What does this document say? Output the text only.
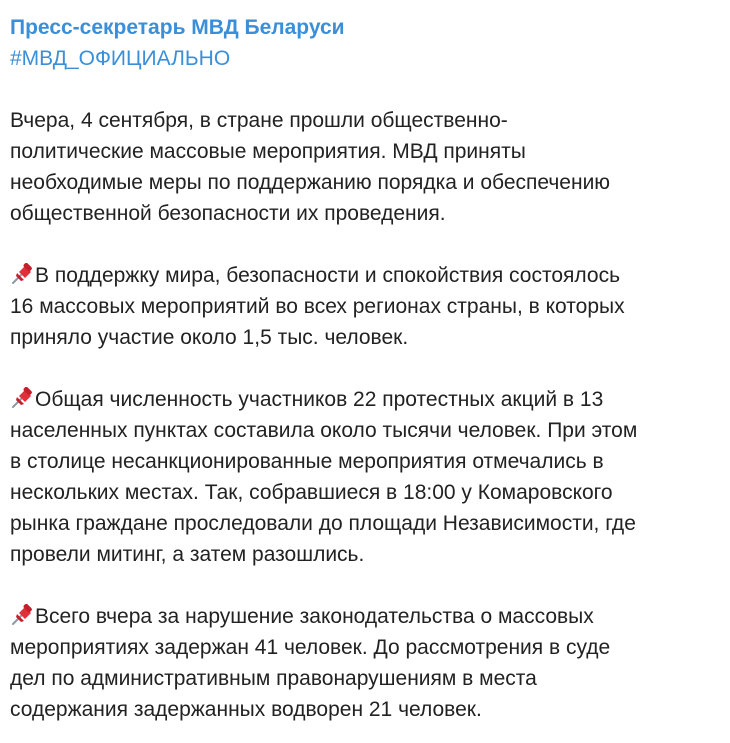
Пресс-секретарь МВД Беларуси
#МВД_ОФИЦИАЛЬНО
Вчера, 4 сентября, в стране прошли общественно-
политические массовые мероприятия. МВД приняты
необходимые меры по поддержанию порядка и обеспечению
общественной безопасности их проведения.
В поддержку мира, безопасности и спокойствия состоялось
16 массовых мероприятий во всех регионах страны, в которых
приняло участие около 1,5 тыс. человек.
Общая численность участников 22 протестных акций в 13
населенных пунктах составила около тысячи человек. При этом
в столице несанкционированные мероприятия отмечались в
нескольких местах. Так, собравшиеся в 18:00 у Комаровского
рынка граждане проследовали до площади Независимости, где
провели митинг, а затем разошлись.
Всего вчера за нарушение законодательства о массовых
мероприятиях задержан 41 человек. До рассмотрения в суде
дел по административным правонарушениям в места
содержания задержанных водворен 21 человек.
